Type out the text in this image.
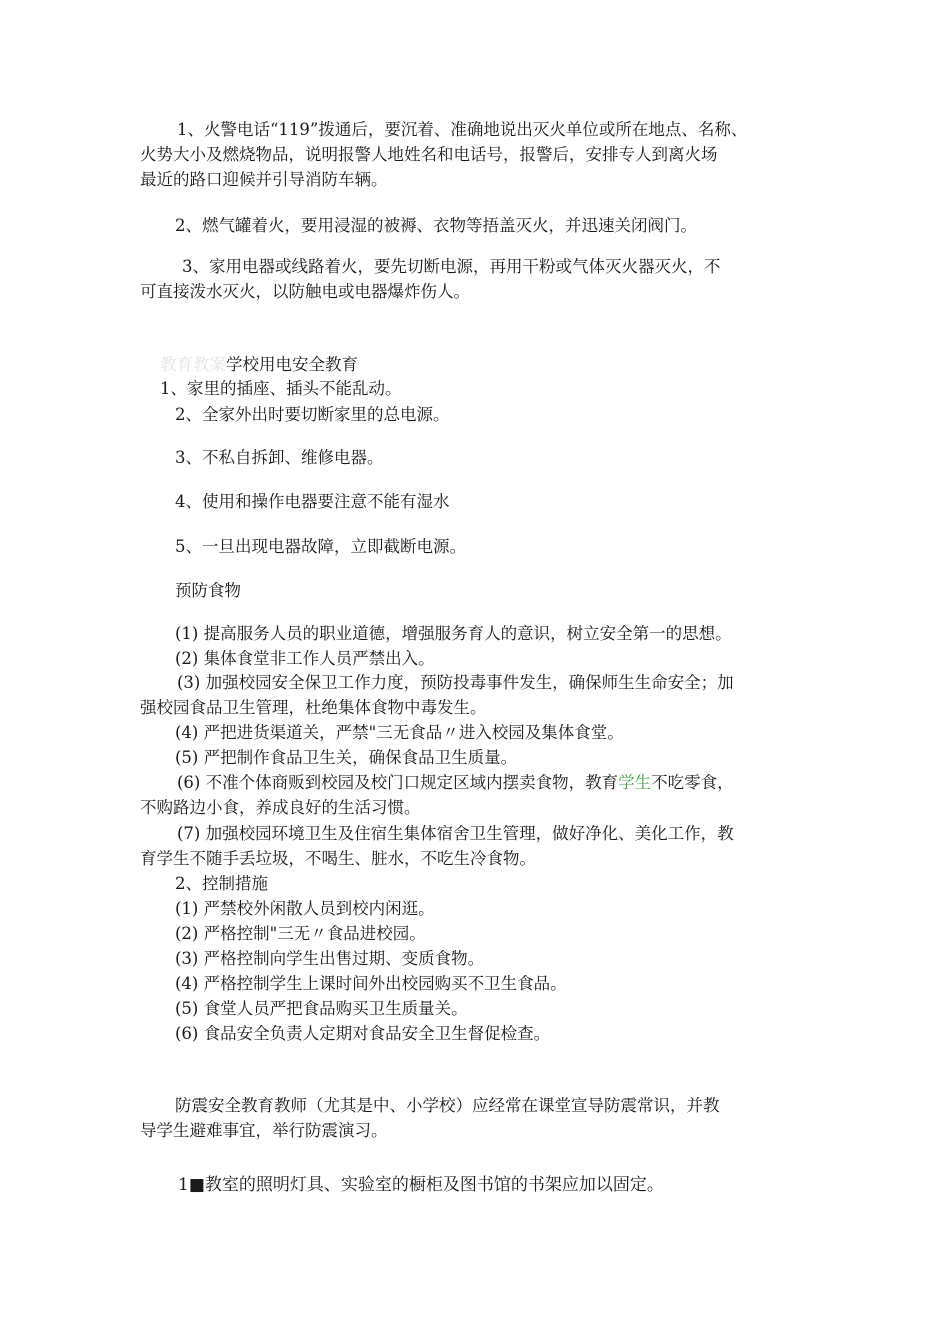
1、火警电话“119”拨通后，要沉着、准确地说出灭火单位或所在地点、名称、
火势大小及燃烧物品，说明报警人地姓名和电话号，报警后，安排专人到离火场
最近的路口迎候并引导消防车辆。
2、燃气罐着火，要用浸湿的被褥、衣物等捂盖灭火，并迅速关闭阀门。
3、家用电器或线路着火，要先切断电源，再用干粉或气体灭火器灭火，不
可直接泼水灭火，以防触电或电器爆炸伤人。
教育教案学校用电安全教育
1、家里的插座、插头不能乱动。
2、全家外出时要切断家里的总电源。
3、不私自拆卸、维修电器。
4、使用和操作电器要注意不能有湿水
5、一旦出现电器故障，立即截断电源。
预防食物
(1) 提高服务人员的职业道德，增强服务育人的意识，树立安全第一的思想。
(2) 集体食堂非工作人员严禁出入。
(3) 加强校园安全保卫工作力度，预防投毒事件发生，确保师生生命安全；加
强校园食品卫生管理，杜绝集体食物中毒发生。
(4) 严把进货渠道关，严禁"三无食品〃进入校园及集体食堂。
(5) 严把制作食品卫生关，确保食品卫生质量。
(6) 不准个体商贩到校园及校门口规定区域内摆卖食物，教育学生不吃零食，
不购路边小食，养成良好的生活习惯。
(7) 加强校园环境卫生及住宿生集体宿舍卫生管理，做好净化、美化工作，教
育学生不随手丢垃圾，不喝生、脏水，不吃生冷食物。
2、控制措施
(1) 严禁校外闲散人员到校内闲逛。
(2) 严格控制"三无〃食品进校园。
(3) 严格控制向学生出售过期、变质食物。
(4) 严格控制学生上课时间外出校园购买不卫生食品。
(5) 食堂人员严把食品购买卫生质量关。
(6) 食品安全负责人定期对食品安全卫生督促检查。
防震安全教育教师（尤其是中、小学校）应经常在课堂宣导防震常识，并教
导学生避难事宜，举行防震演习。
1■教室的照明灯具、实验室的橱柜及图书馆的书架应加以固定。
